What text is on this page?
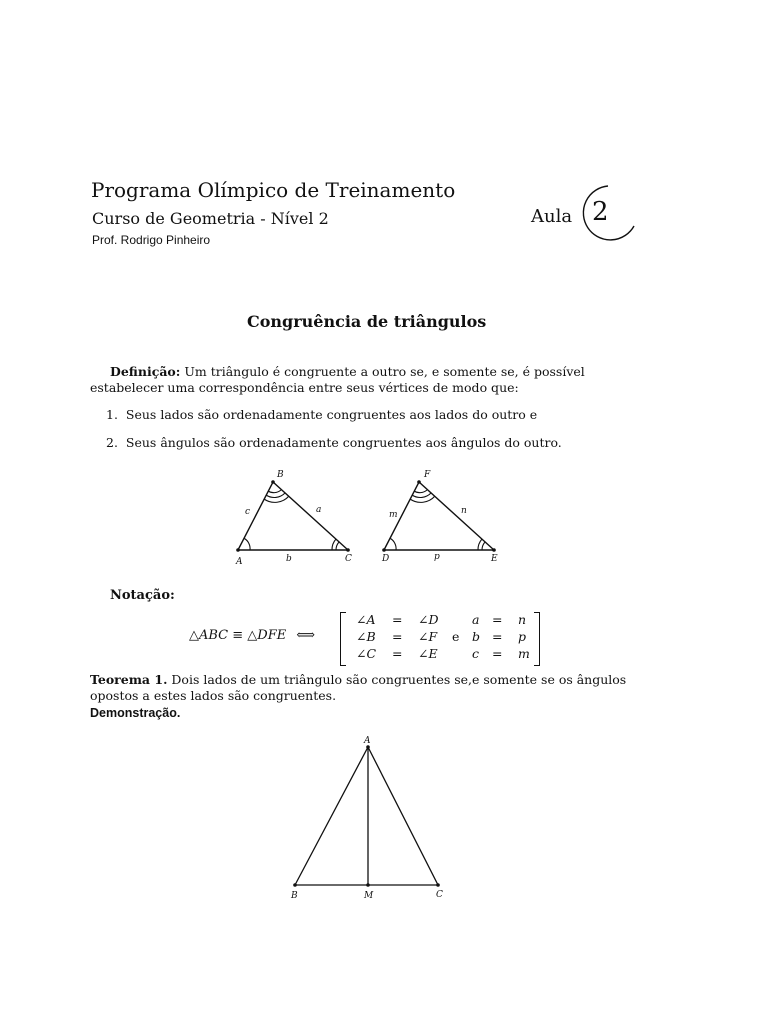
Programa Olímpico de Treinamento
Curso de Geometria - Nível 2
Prof. Rodrigo Pinheiro
Aula 2
Congruência de triângulos
Definição: Um triângulo é congruente a outro se, e somente se, é possível estabelecer uma correspondência entre seus vértices de modo que:
1. Seus lados são ordenadamente congruentes aos lados do outro e
2. Seus ângulos são ordenadamente congruentes aos ângulos do outro.
A
B
C
a
b
c
D
F
E
m	n
p
Notação:
△ABC ≡ △DFE ⟺
∠A = ∠D	a = n
∠B = ∠F e b = p
∠C = ∠E	c = m
Teorema 1. Dois lados de um triângulo são congruentes se,e somente se os ângulos opostos a estes lados são congruentes.
Demonstração.
A
B	M	C
